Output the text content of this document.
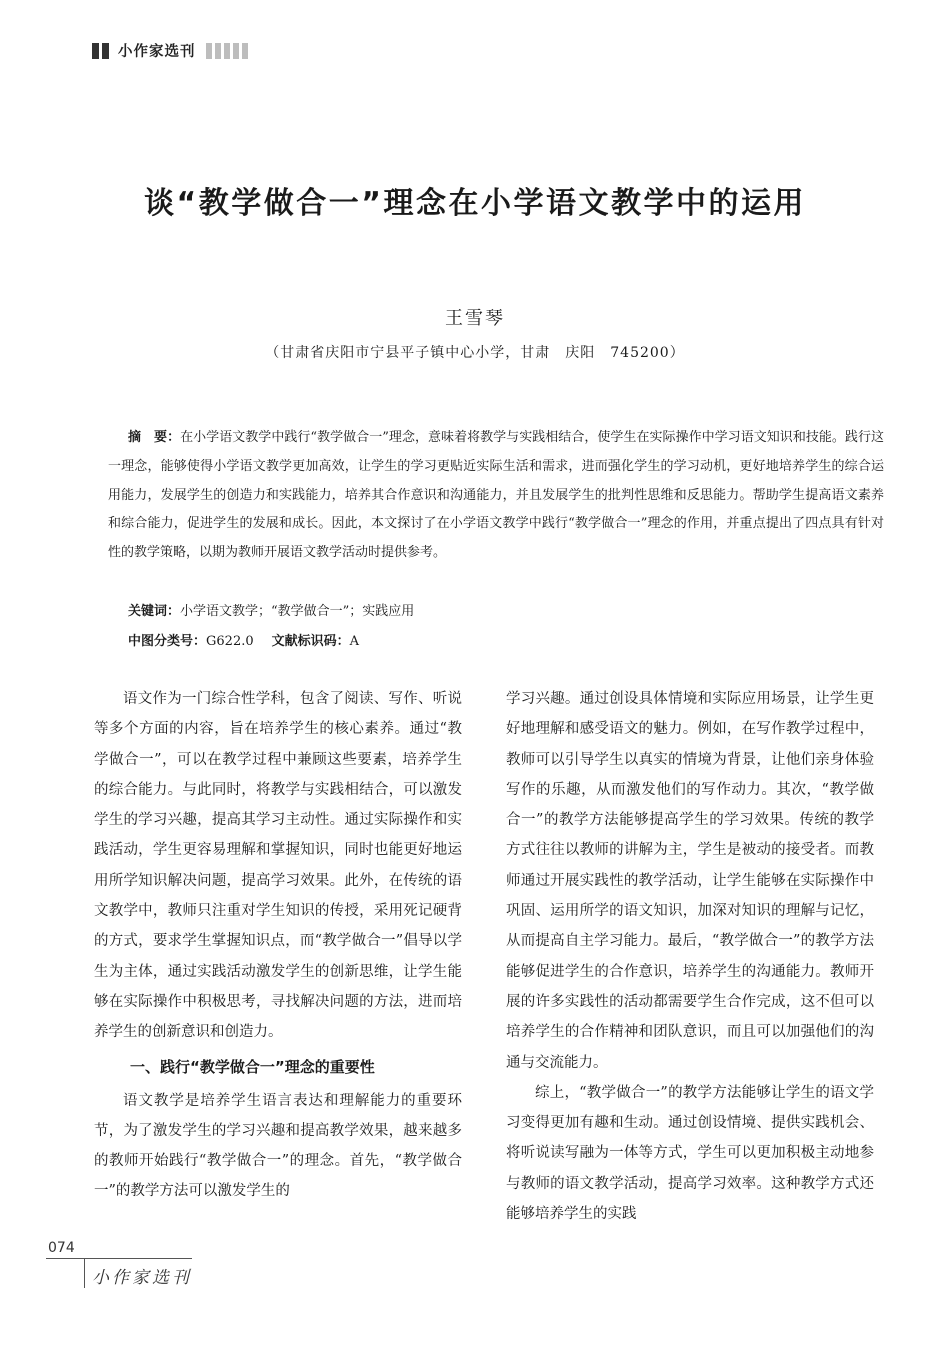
小作家选刊
谈“教学做合一”理念在小学语文教学中的运用
王雪琴
（甘肃省庆阳市宁县平子镇中心小学，甘肃　庆阳　745200）
摘　要：在小学语文教学中践行“教学做合一”理念，意味着将教学与实践相结合，使学生在实际操作中学习语文知识和技能。践行这一理念，能够使得小学语文教学更加高效，让学生的学习更贴近实际生活和需求，进而强化学生的学习动机，更好地培养学生的综合运用能力，发展学生的创造力和实践能力，培养其合作意识和沟通能力，并且发展学生的批判性思维和反思能力。帮助学生提高语文素养和综合能力，促进学生的发展和成长。因此，本文探讨了在小学语文教学中践行“教学做合一”理念的作用，并重点提出了四点具有针对性的教学策略，以期为教师开展语文教学活动时提供参考。
关键词：小学语文教学；“教学做合一”；实践应用
中图分类号：G622.0 文献标识码：A

语文作为一门综合性学科，包含了阅读、写作、听说等多个方面的内容，旨在培养学生的核心素养。通过“教学做合一”，可以在教学过程中兼顾这些要素，培养学生的综合能力。与此同时，将教学与实践相结合，可以激发学生的学习兴趣，提高其学习主动性。通过实际操作和实践活动，学生更容易理解和掌握知识，同时也能更好地运用所学知识解决问题，提高学习效果。此外，在传统的语文教学中，教师只注重对学生知识的传授，采用死记硬背的方式，要求学生掌握知识点，而“教学做合一”倡导以学生为主体，通过实践活动激发学生的创新思维，让学生能够在实际操作中积极思考，寻找解决问题的方法，进而培养学生的创新意识和创造力。

一、践行“教学做合一”理念的重要性

语文教学是培养学生语言表达和理解能力的重要环节，为了激发学生的学习兴趣和提高教学效果，越来越多的教师开始践行“教学做合一”的理念。首先，“教学做合一”的教学方法可以激发学生的

学习兴趣。通过创设具体情境和实际应用场景，让学生更好地理解和感受语文的魅力。例如，在写作教学过程中，教师可以引导学生以真实的情境为背景，让他们亲身体验写作的乐趣，从而激发他们的写作动力。其次，“教学做合一”的教学方法能够提高学生的学习效果。传统的教学方式往往以教师的讲解为主，学生是被动的接受者。而教师通过开展实践性的教学活动，让学生能够在实际操作中巩固、运用所学的语文知识，加深对知识的理解与记忆，从而提高自主学习能力。最后，“教学做合一”的教学方法能够促进学生的合作意识，培养学生的沟通能力。教师开展的许多实践性的活动都需要学生合作完成，这不但可以培养学生的合作精神和团队意识，而且可以加强他们的沟通与交流能力。

综上，“教学做合一”的教学方法能够让学生的语文学习变得更加有趣和生动。通过创设情境、提供实践机会、将听说读写融为一体等方式，学生可以更加积极主动地参与教师的语文教学活动，提高学习效率。这种教学方式还能够培养学生的实践

074
小作家选刊
